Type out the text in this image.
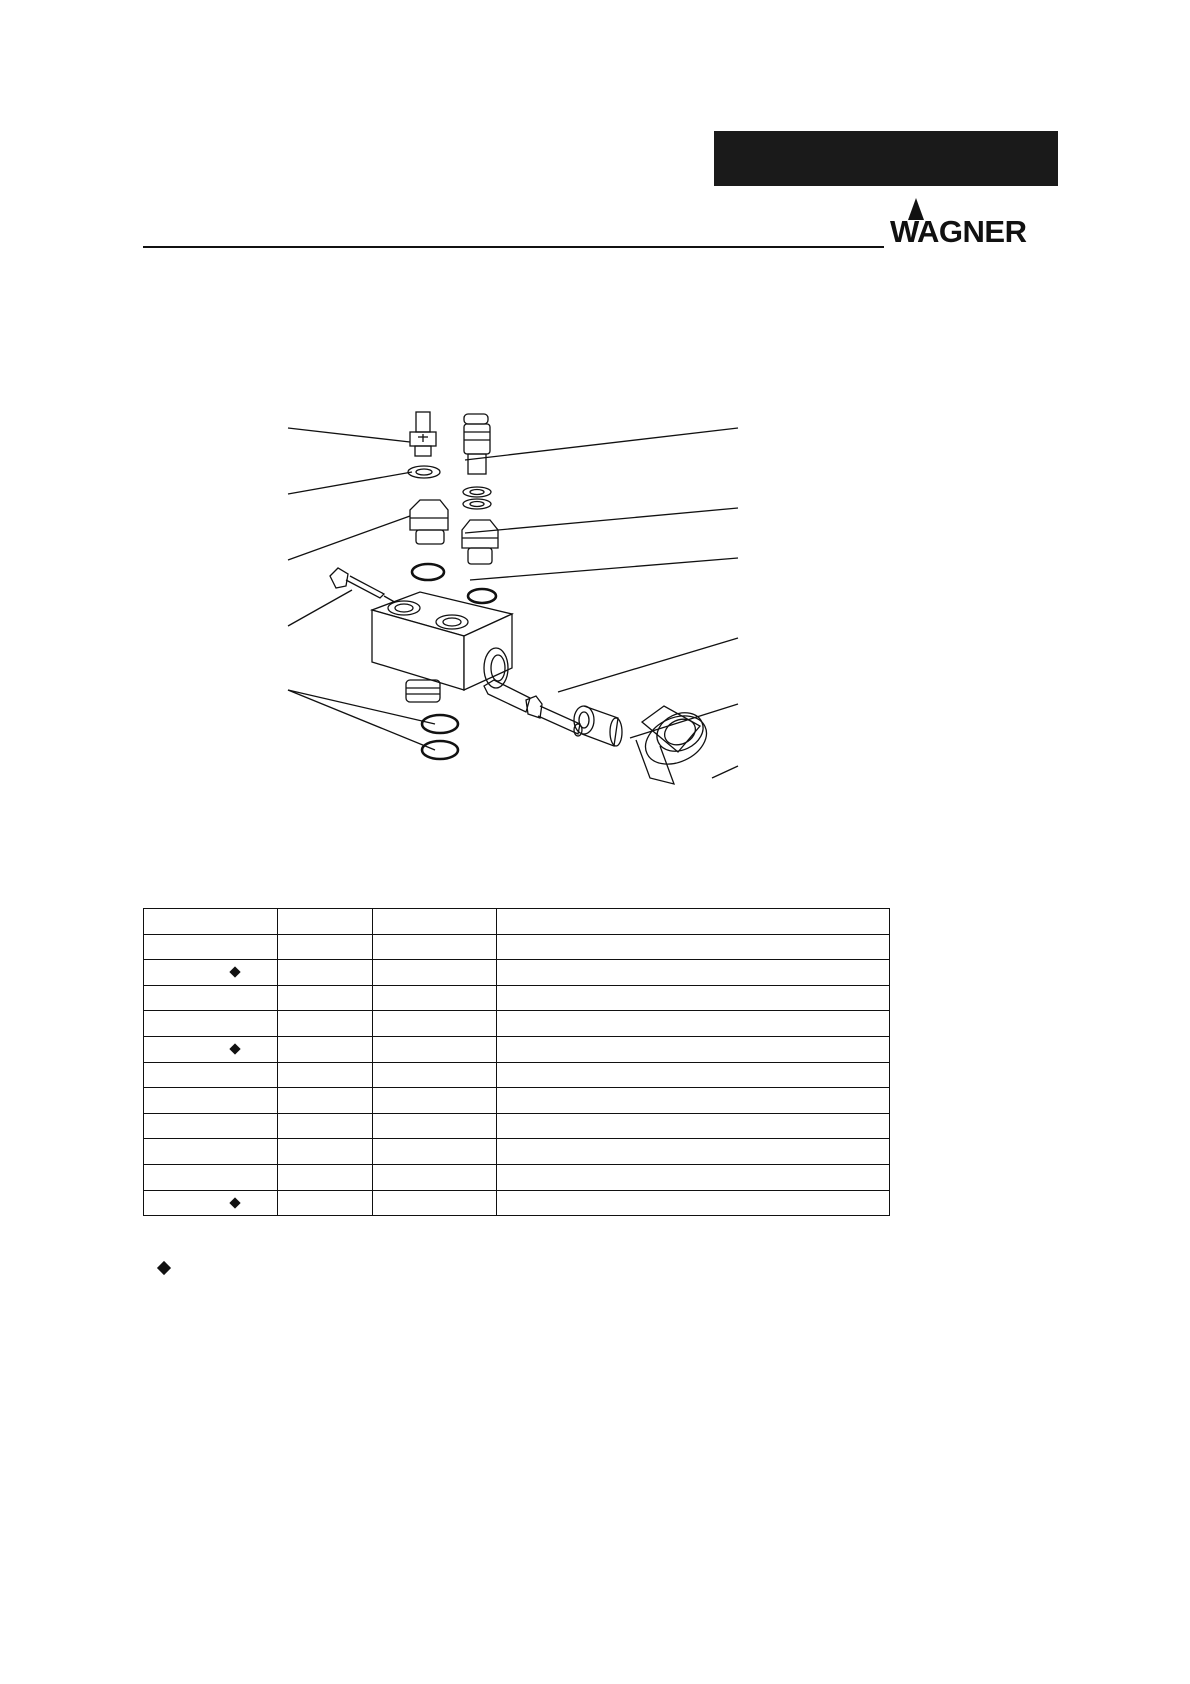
WAGNER
